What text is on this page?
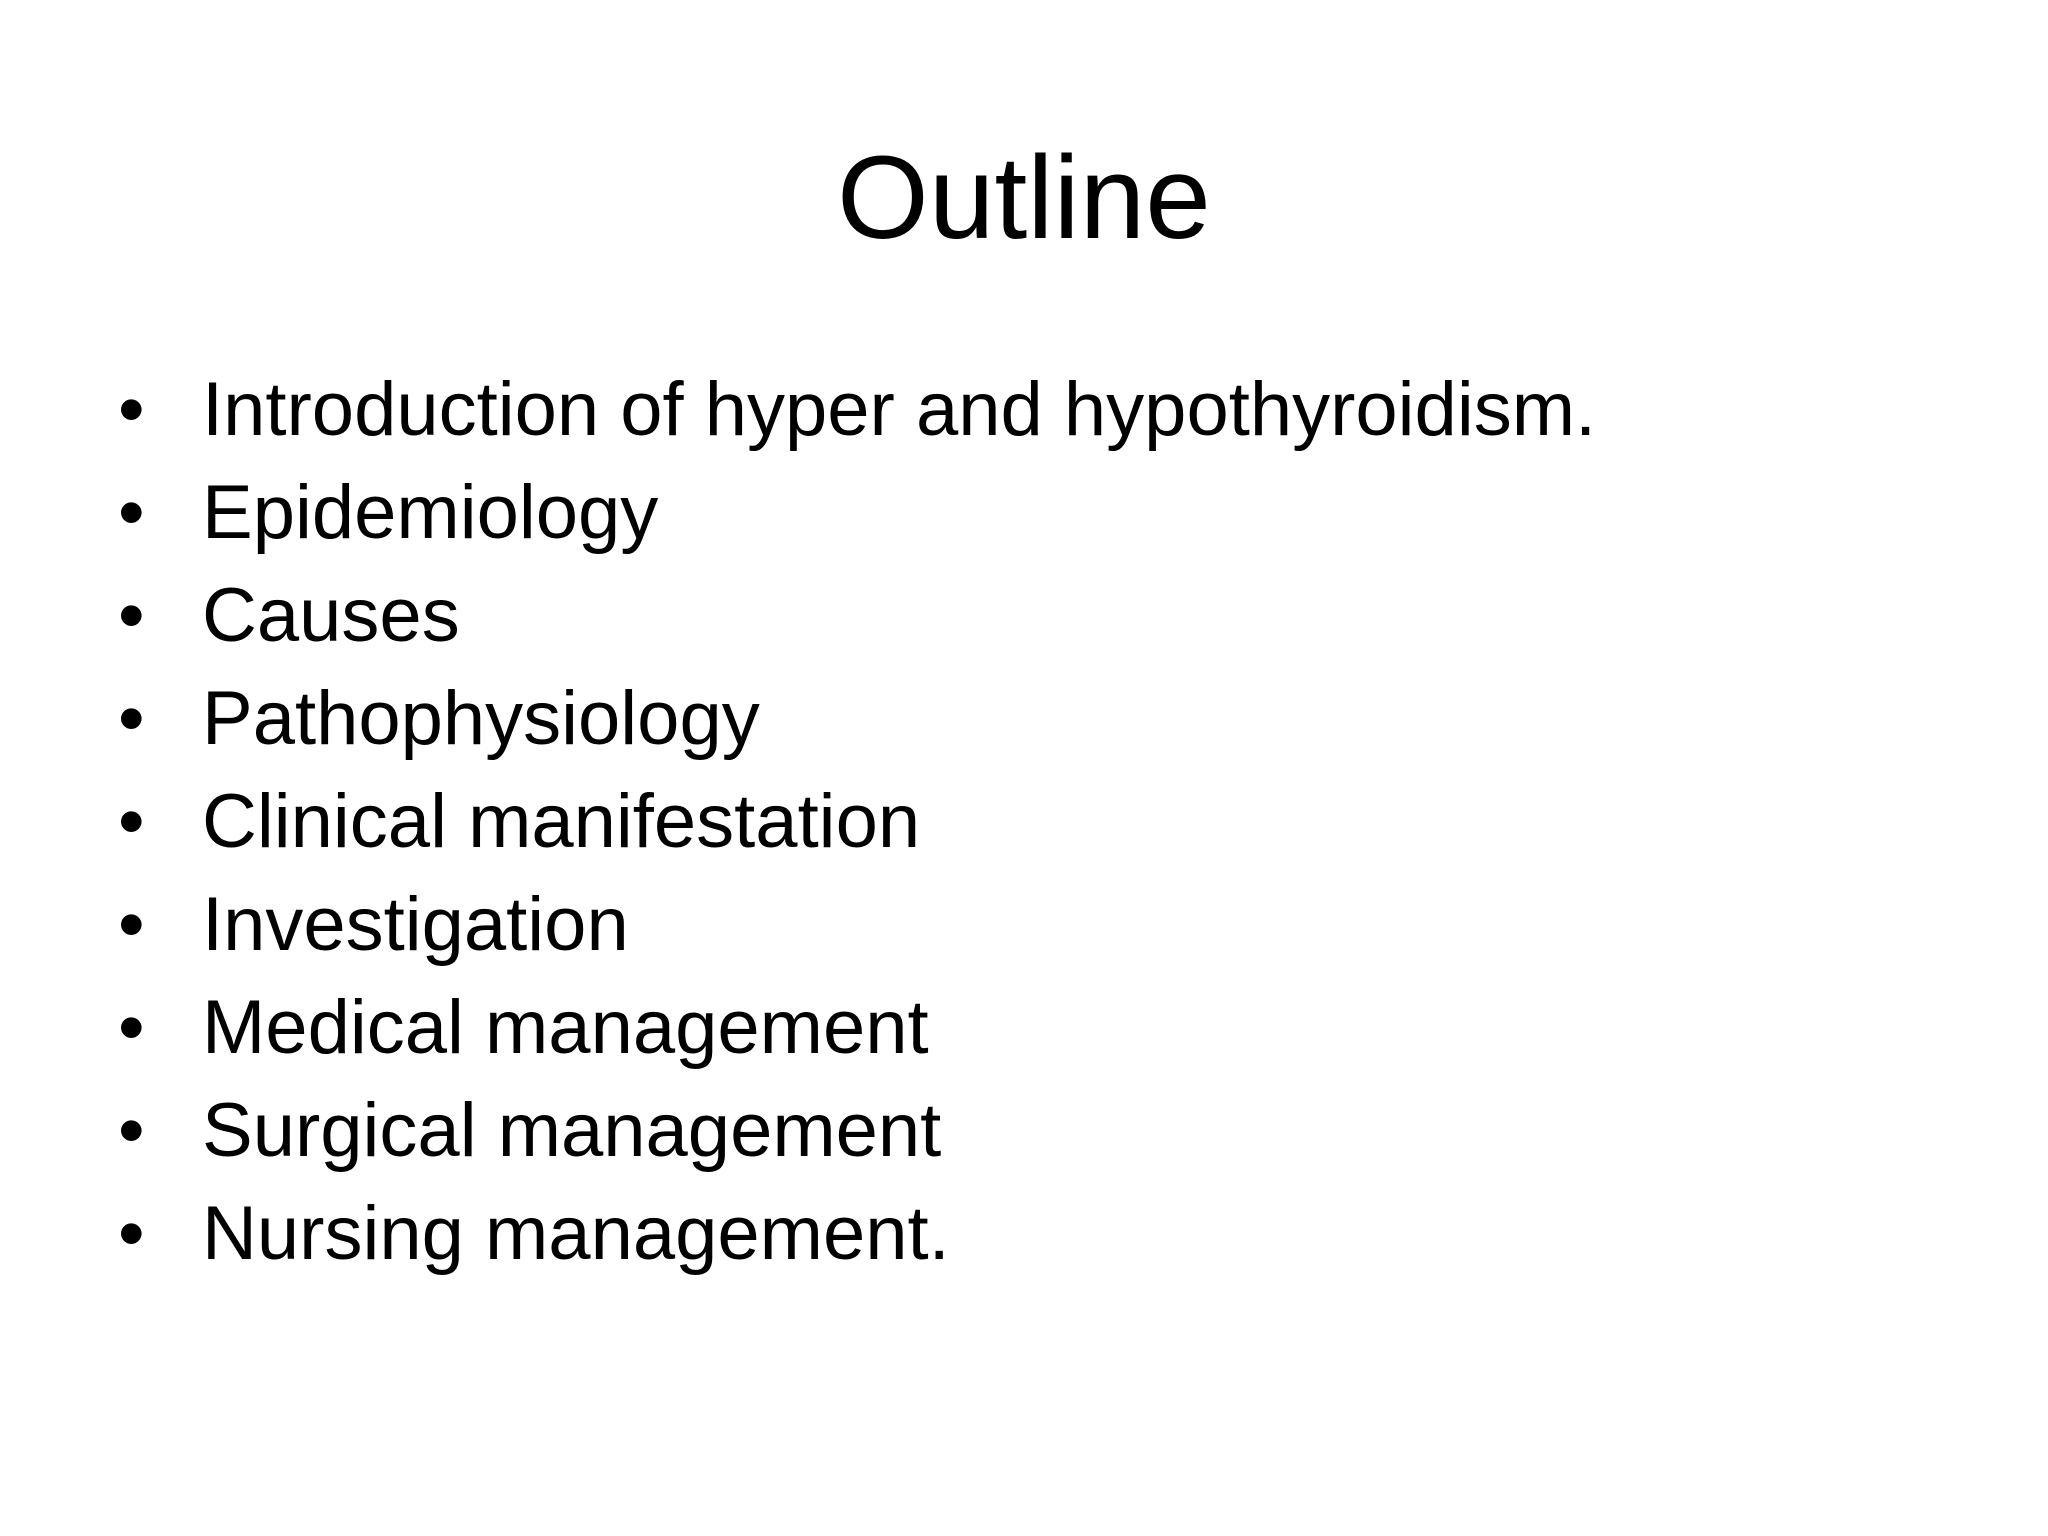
Outline
• Introduction of hyper and hypothyroidism.
• Epidemiology
• Causes
• Pathophysiology
• Clinical manifestation
• Investigation
• Medical management
• Surgical management
• Nursing management.
